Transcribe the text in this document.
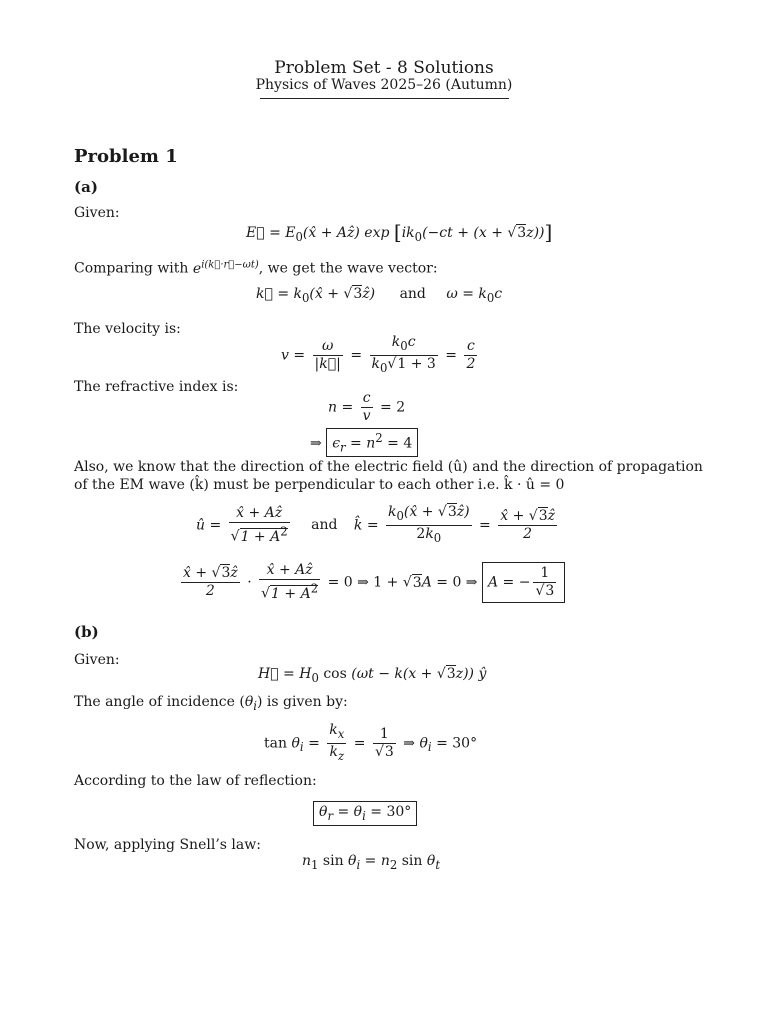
Problem Set - 8 Solutions
Physics of Waves 2025–26 (Autumn)
Problem 1
(a)
Given:
E⃗ = $E_0(x̂$ + Aẑ) $\exp [ik_0(-ct + (x + √3z))]$
Comparing with $e^{i(k⃗\cdot r⃗-\omega t)}$, we get the wave vector:
k⃗ = $k_0(x̂$ + √3ẑ) and $\omega = k_0c$
The velocity is:
$v = \frac{\omega}{|k⃗|} = \frac{k_0c}{k_0√1 + 3} = \frac{c}{2}$
The refractive index is:
$n = \frac{c}{v} = 2$
⇒ $\epsilon_r = n^2 = 4$
Also, we know that the direction of the electric field (û) and the direction of propagation
of the EM wave (k̂) must be perpendicular to each other i.e. k̂ · û = 0
û = $\frac{\text{x̂ + Aẑ}}{√1 + A^2}$ and k̂ = $\frac{k_0(x̂ + √3ẑ)}{2k_0} = \frac{\text{x̂ + √3ẑ}}{2}$
$\frac{\text{x̂ + √3ẑ}}{2} \cdot \frac{\text{x̂ + Aẑ}}{√1 + A^2} = 0$ ⇒ 1 + √3A = 0 ⇒ A = − $\frac{1}{√3}$
(b)
Given:
H⃗ = $H_0$ cos (ωt − k(x + √3z)) ŷ
The angle of incidence $(\theta_i)$ is given by:
$\tan \theta_i = \frac{k_x}{k_z} = \frac{1}{√3}$ ⇒ $\theta_i = 30^\circ$
According to the law of reflection:
$\theta_r = \theta_i = 30^\circ$
Now, applying Snell’s law:
$n_1$ $\sin \theta_i = n_2$ $\sin \theta_t$
